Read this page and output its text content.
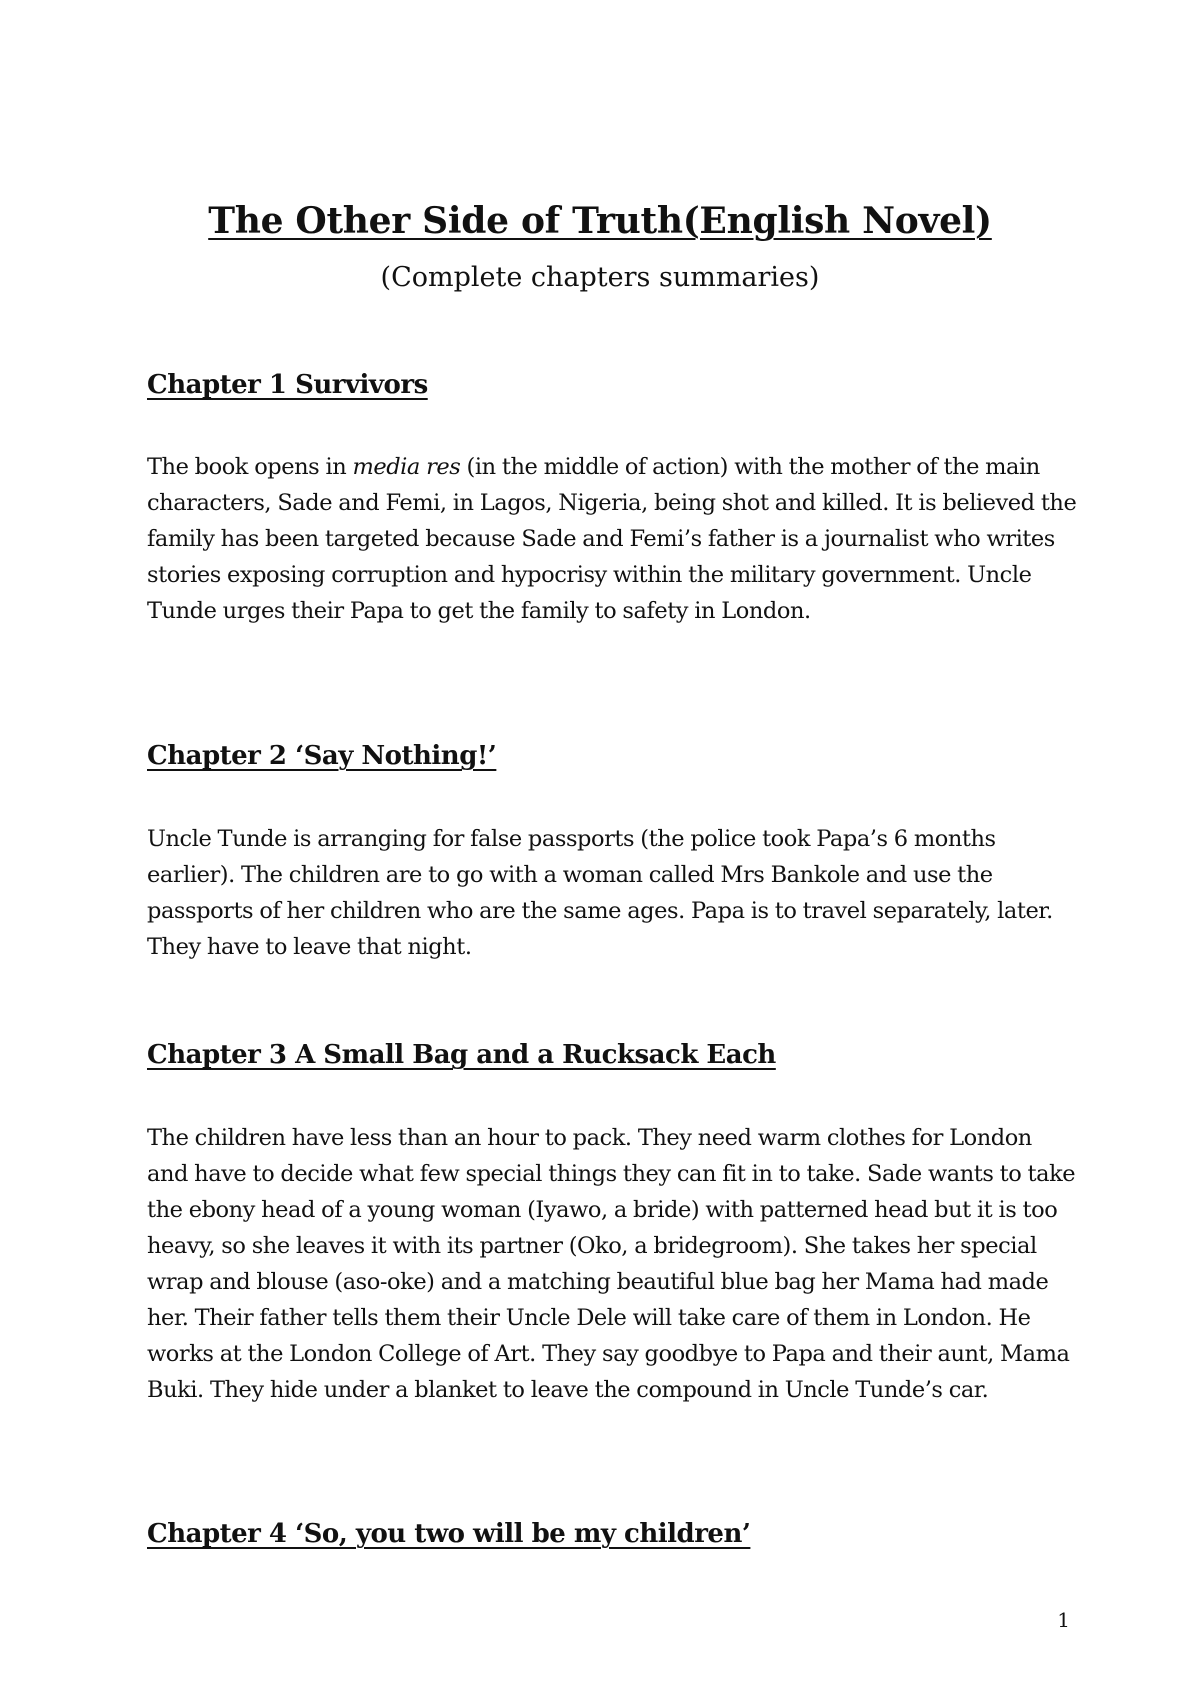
The Other Side of Truth(English Novel)

(Complete chapters summaries)

Chapter 1 Survivors

The book opens in media res (in the middle of action) with the mother of the main characters, Sade and Femi, in Lagos, Nigeria, being shot and killed. It is believed the family has been targeted because Sade and Femi’s father is a journalist who writes stories exposing corruption and hypocrisy within the military government. Uncle Tunde urges their Papa to get the family to safety in London.

Chapter 2 ‘Say Nothing!’

Uncle Tunde is arranging for false passports (the police took Papa’s 6 months earlier). The children are to go with a woman called Mrs Bankole and use the passports of her children who are the same ages. Papa is to travel separately, later. They have to leave that night.

Chapter 3 A Small Bag and a Rucksack Each

The children have less than an hour to pack. They need warm clothes for London and have to decide what few special things they can fit in to take. Sade wants to take the ebony head of a young woman (Iyawo, a bride) with patterned head but it is too heavy, so she leaves it with its partner (Oko, a bridegroom). She takes her special wrap and blouse (aso-oke) and a matching beautiful blue bag her Mama had made her. Their father tells them their Uncle Dele will take care of them in London. He works at the London College of Art. They say goodbye to Papa and their aunt, Mama Buki. They hide under a blanket to leave the compound in Uncle Tunde’s car.

Chapter 4 ‘So, you two will be my children’

1
